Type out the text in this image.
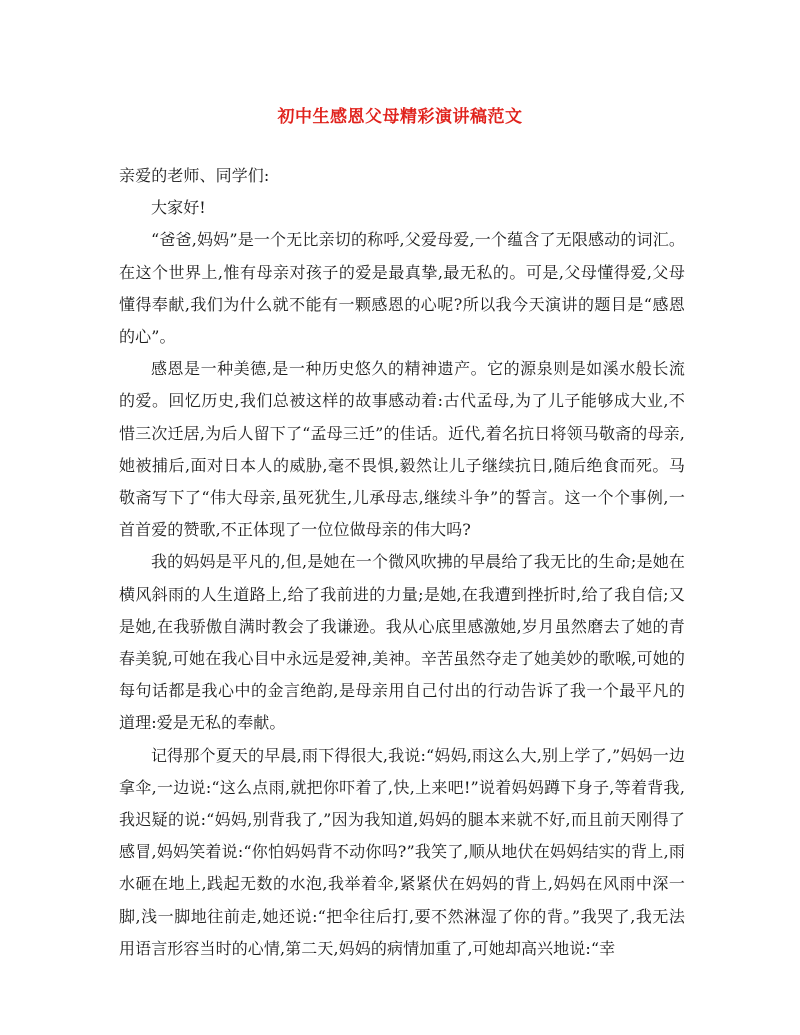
初中生感恩父母精彩演讲稿范文

亲爱的老师、同学们:

大家好!

“爸爸,妈妈”是一个无比亲切的称呼,父爱母爱,一个蕴含了无限感动的词汇。在这个世界上,惟有母亲对孩子的爱是最真挚,最无私的。可是,父母懂得爱,父母懂得奉献,我们为什么就不能有一颗感恩的心呢?所以我今天演讲的题目是“感恩的心”。

感恩是一种美德,是一种历史悠久的精神遗产。它的源泉则是如溪水般长流的爱。回忆历史,我们总被这样的故事感动着:古代孟母,为了儿子能够成大业,不惜三次迁居,为后人留下了“孟母三迁”的佳话。近代,着名抗日将领马敬斋的母亲,她被捕后,面对日本人的威胁,毫不畏惧,毅然让儿子继续抗日,随后绝食而死。马敬斋写下了“伟大母亲,虽死犹生,儿承母志,继续斗争”的誓言。这一个个事例,一首首爱的赞歌,不正体现了一位位做母亲的伟大吗?

我的妈妈是平凡的,但,是她在一个微风吹拂的早晨给了我无比的生命;是她在横风斜雨的人生道路上,给了我前进的力量;是她,在我遭到挫折时,给了我自信;又是她,在我骄傲自满时教会了我谦逊。我从心底里感激她,岁月虽然磨去了她的青春美貌,可她在我心目中永远是爱神,美神。辛苦虽然夺走了她美妙的歌喉,可她的每句话都是我心中的金言绝韵,是母亲用自己付出的行动告诉了我一个最平凡的道理:爱是无私的奉献。

记得那个夏天的早晨,雨下得很大,我说:“妈妈,雨这么大,别上学了,”妈妈一边拿伞,一边说:“这么点雨,就把你吓着了,快,上来吧!”说着妈妈蹲下身子,等着背我,我迟疑的说:“妈妈,别背我了,”因为我知道,妈妈的腿本来就不好,而且前天刚得了感冒,妈妈笑着说:“你怕妈妈背不动你吗?”我笑了,顺从地伏在妈妈结实的背上,雨水砸在地上,践起无数的水泡,我举着伞,紧紧伏在妈妈的背上,妈妈在风雨中深一脚,浅一脚地往前走,她还说:“把伞往后打,要不然淋湿了你的背。”我哭了,我无法用语言形容当时的心情,第二天,妈妈的病情加重了,可她却高兴地说:“幸
